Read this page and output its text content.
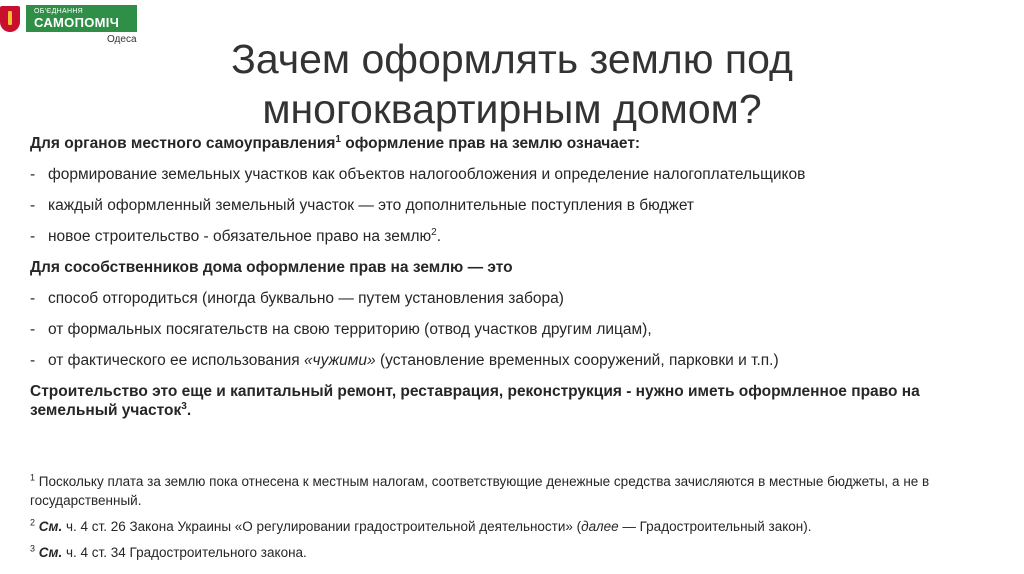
ОБ'ЄДНАННЯ
САМОПОМІЧ
Одеса	Зачем оформлять землю под
многоквартирным домом?

Для органов местного самоуправления$^1$ оформление прав на землю означает:

- формирование земельных участков как объектов налогообложения и определение налогоплательщиков

- каждый оформленный земельный участок — это дополнительные поступления в бюджет

- новое строительство - обязательное право на землю$^2$.

Для сособственников дома оформление прав на землю — это

- способ отгородиться (иногда буквально — путем установления забора)

- от формальных посягательств на свою территорию (отвод участков другим лицам),

- от фактического ее использования «чужими» (установление временных сооружений, парковки и т.п.)

Строительство это еще и капитальный ремонт, реставрация, реконструкция - нужно иметь оформленное право на земельный участок$^3$.

$^1$ Поскольку плата за землю пока отнесена к местным налогам, соответствующие денежные средства зачисляются в местные бюджеты, а не в государственный.

$^2$ См. ч. 4 ст. 26 Закона Украины «О регулировании градостроительной деятельности» (далее — Градостроительный закон).

$^3$ См. ч. 4 ст. 34 Градостроительного закона.
